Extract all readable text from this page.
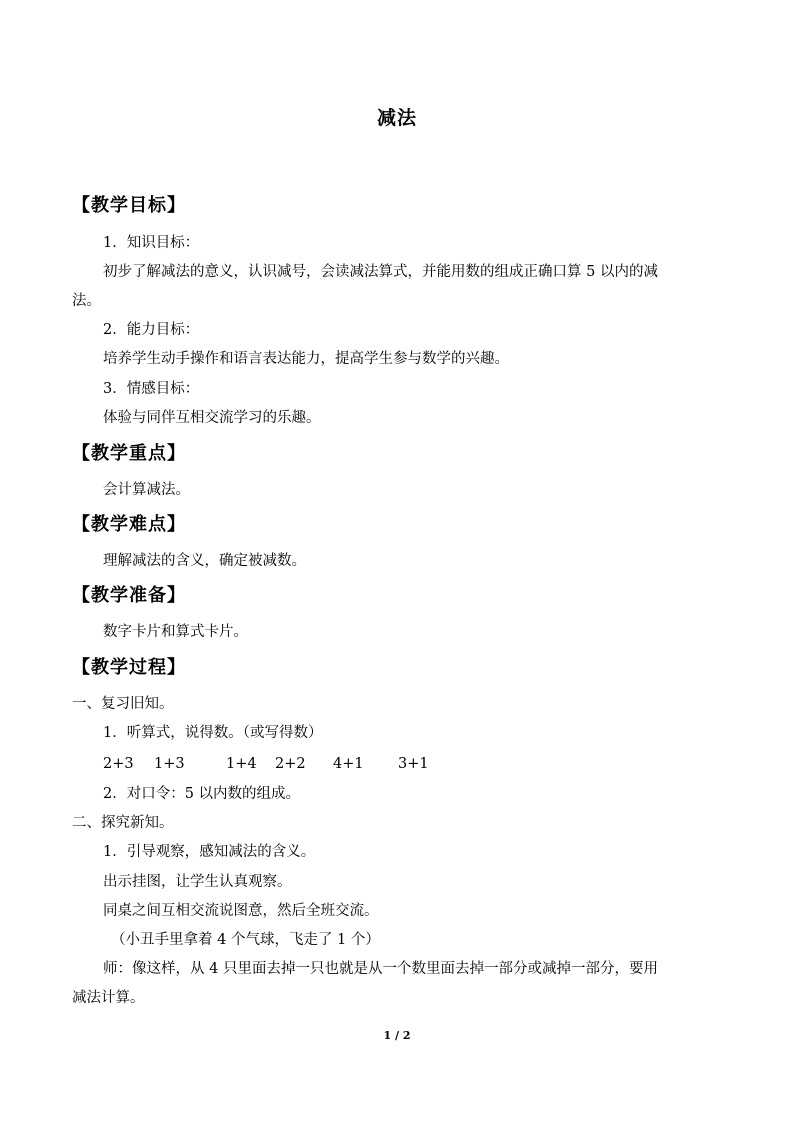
减法
【教学目标】
1．知识目标：
初步了解减法的意义，认识减号，会读减法算式，并能用数的组成正确口算 5 以内的减
法。
2．能力目标：
培养学生动手操作和语言表达能力，提高学生参与数学的兴趣。
3．情感目标：
体验与同伴互相交流学习的乐趣。
【教学重点】
会计算减法。
【教学难点】
理解减法的含义，确定被减数。
【教学准备】
数字卡片和算式卡片。
【教学过程】
一、复习旧知。
1．听算式，说得数。（或写得数）
2+3 1+3	1+4 2+2 4+1 3+1
2．对口令：5 以内数的组成。
二、探究新知。
1．引导观察，感知减法的含义。
出示挂图，让学生认真观察。
同桌之间互相交流说图意，然后全班交流。
（小丑手里拿着 4 个气球，飞走了 1 个）
师：像这样，从 4 只里面去掉一只也就是从一个数里面去掉一部分或减掉一部分，要用
减法计算。
1 / 2
